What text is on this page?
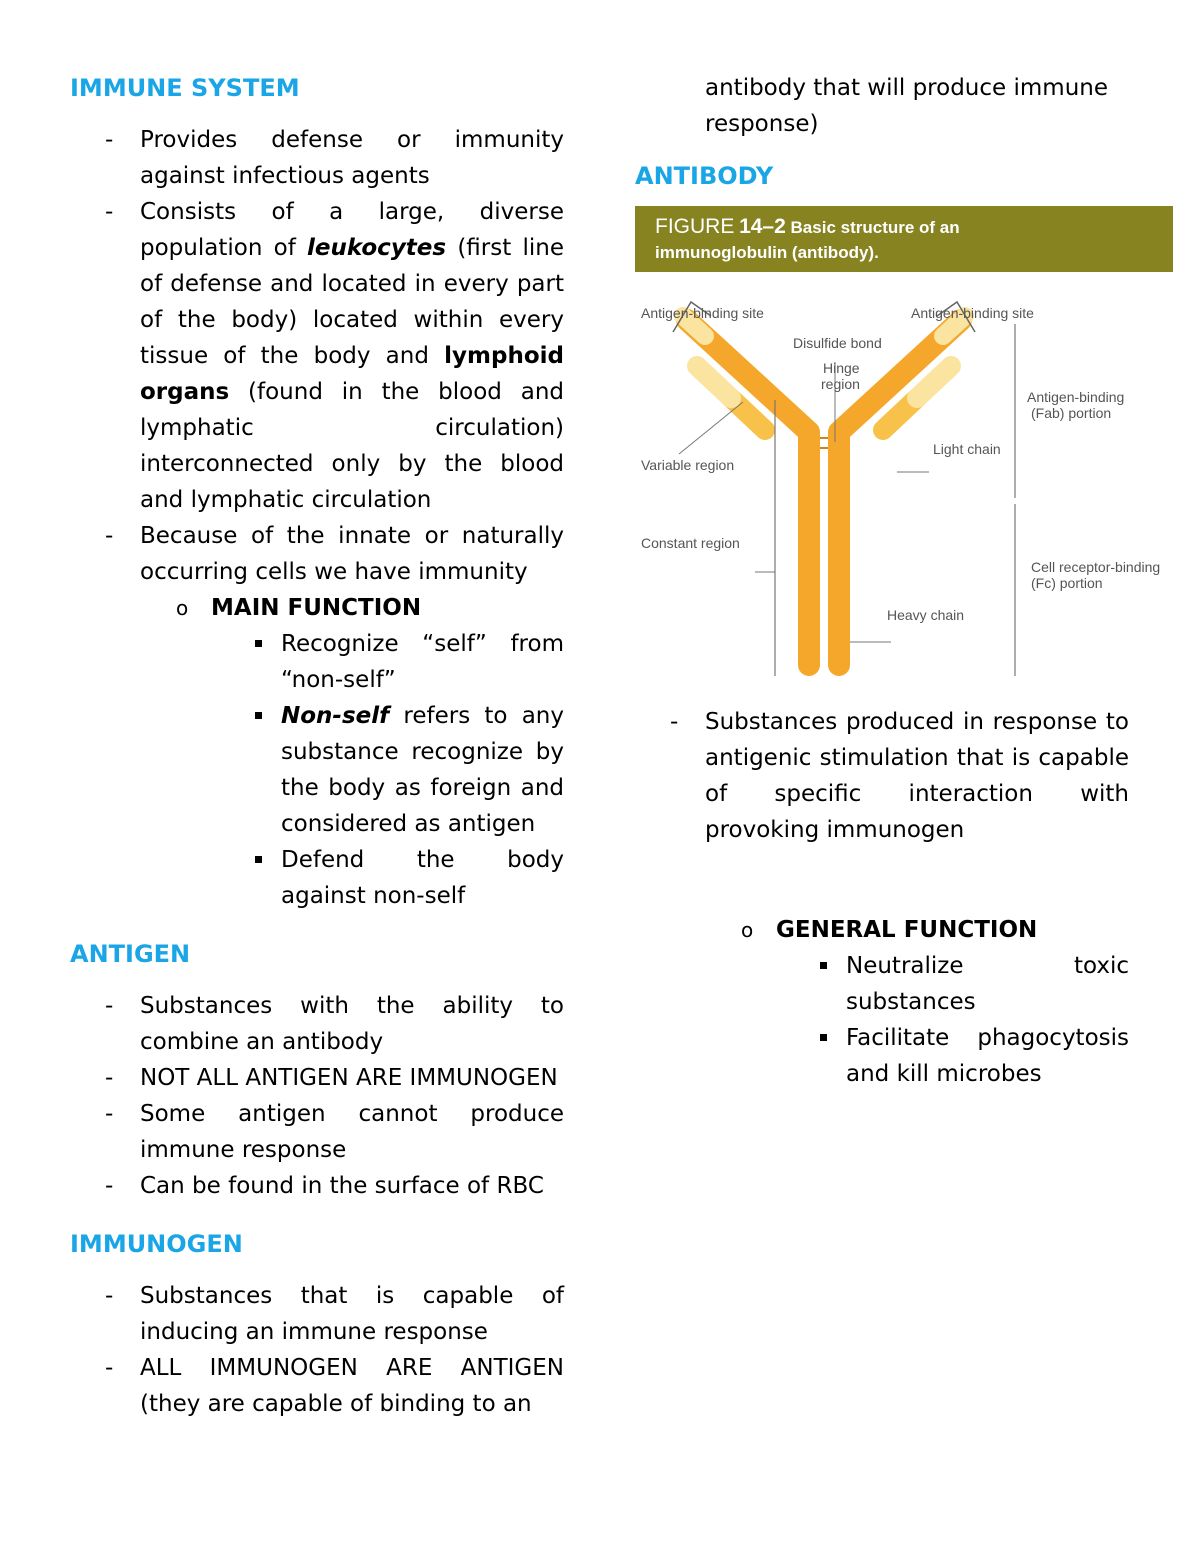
IMMUNE SYSTEM
- Provides defense or immunity against infectious agents
- Consists of a large, diverse population of leukocytes (first line of defense and located in every part of the body) located within every tissue of the body and lymphoid organs (found in the blood and lymphatic circulation) interconnected only by the blood and lymphatic circulation
- Because of the innate or naturally occurring cells we have immunity
o MAIN FUNCTION
Recognize “self” from “non-self”
Non-self refers to any substance recognize by the body as foreign and considered as antigen
Defend the body against non-self
ANTIGEN
- Substances with the ability to combine an antibody
- NOT ALL ANTIGEN ARE IMMUNOGEN
- Some antigen cannot produce immune response
- Can be found in the surface of RBC
IMMUNOGEN
- Substances that is capable of inducing an immune response
- ALL IMMUNOGEN ARE ANTIGEN (they are capable of binding to an
antibody that will produce immune response)
ANTIBODY
FIGURE 14–2 Basic structure of an
immunoglobulin (antibody).
Antigen-binding site	Antigen-binding site
Disulfide bond
Hinge
region
Antigen-binding
(Fab) portion
Light chain
Variable region
Constant region
Cell receptor-binding
(Fc) portion
Heavy chain
- Substances produced in response to antigenic stimulation that is capable of specific interaction with provoking immunogen
o GENERAL FUNCTION
Neutralize toxic substances
Facilitate phagocytosis and kill microbes
